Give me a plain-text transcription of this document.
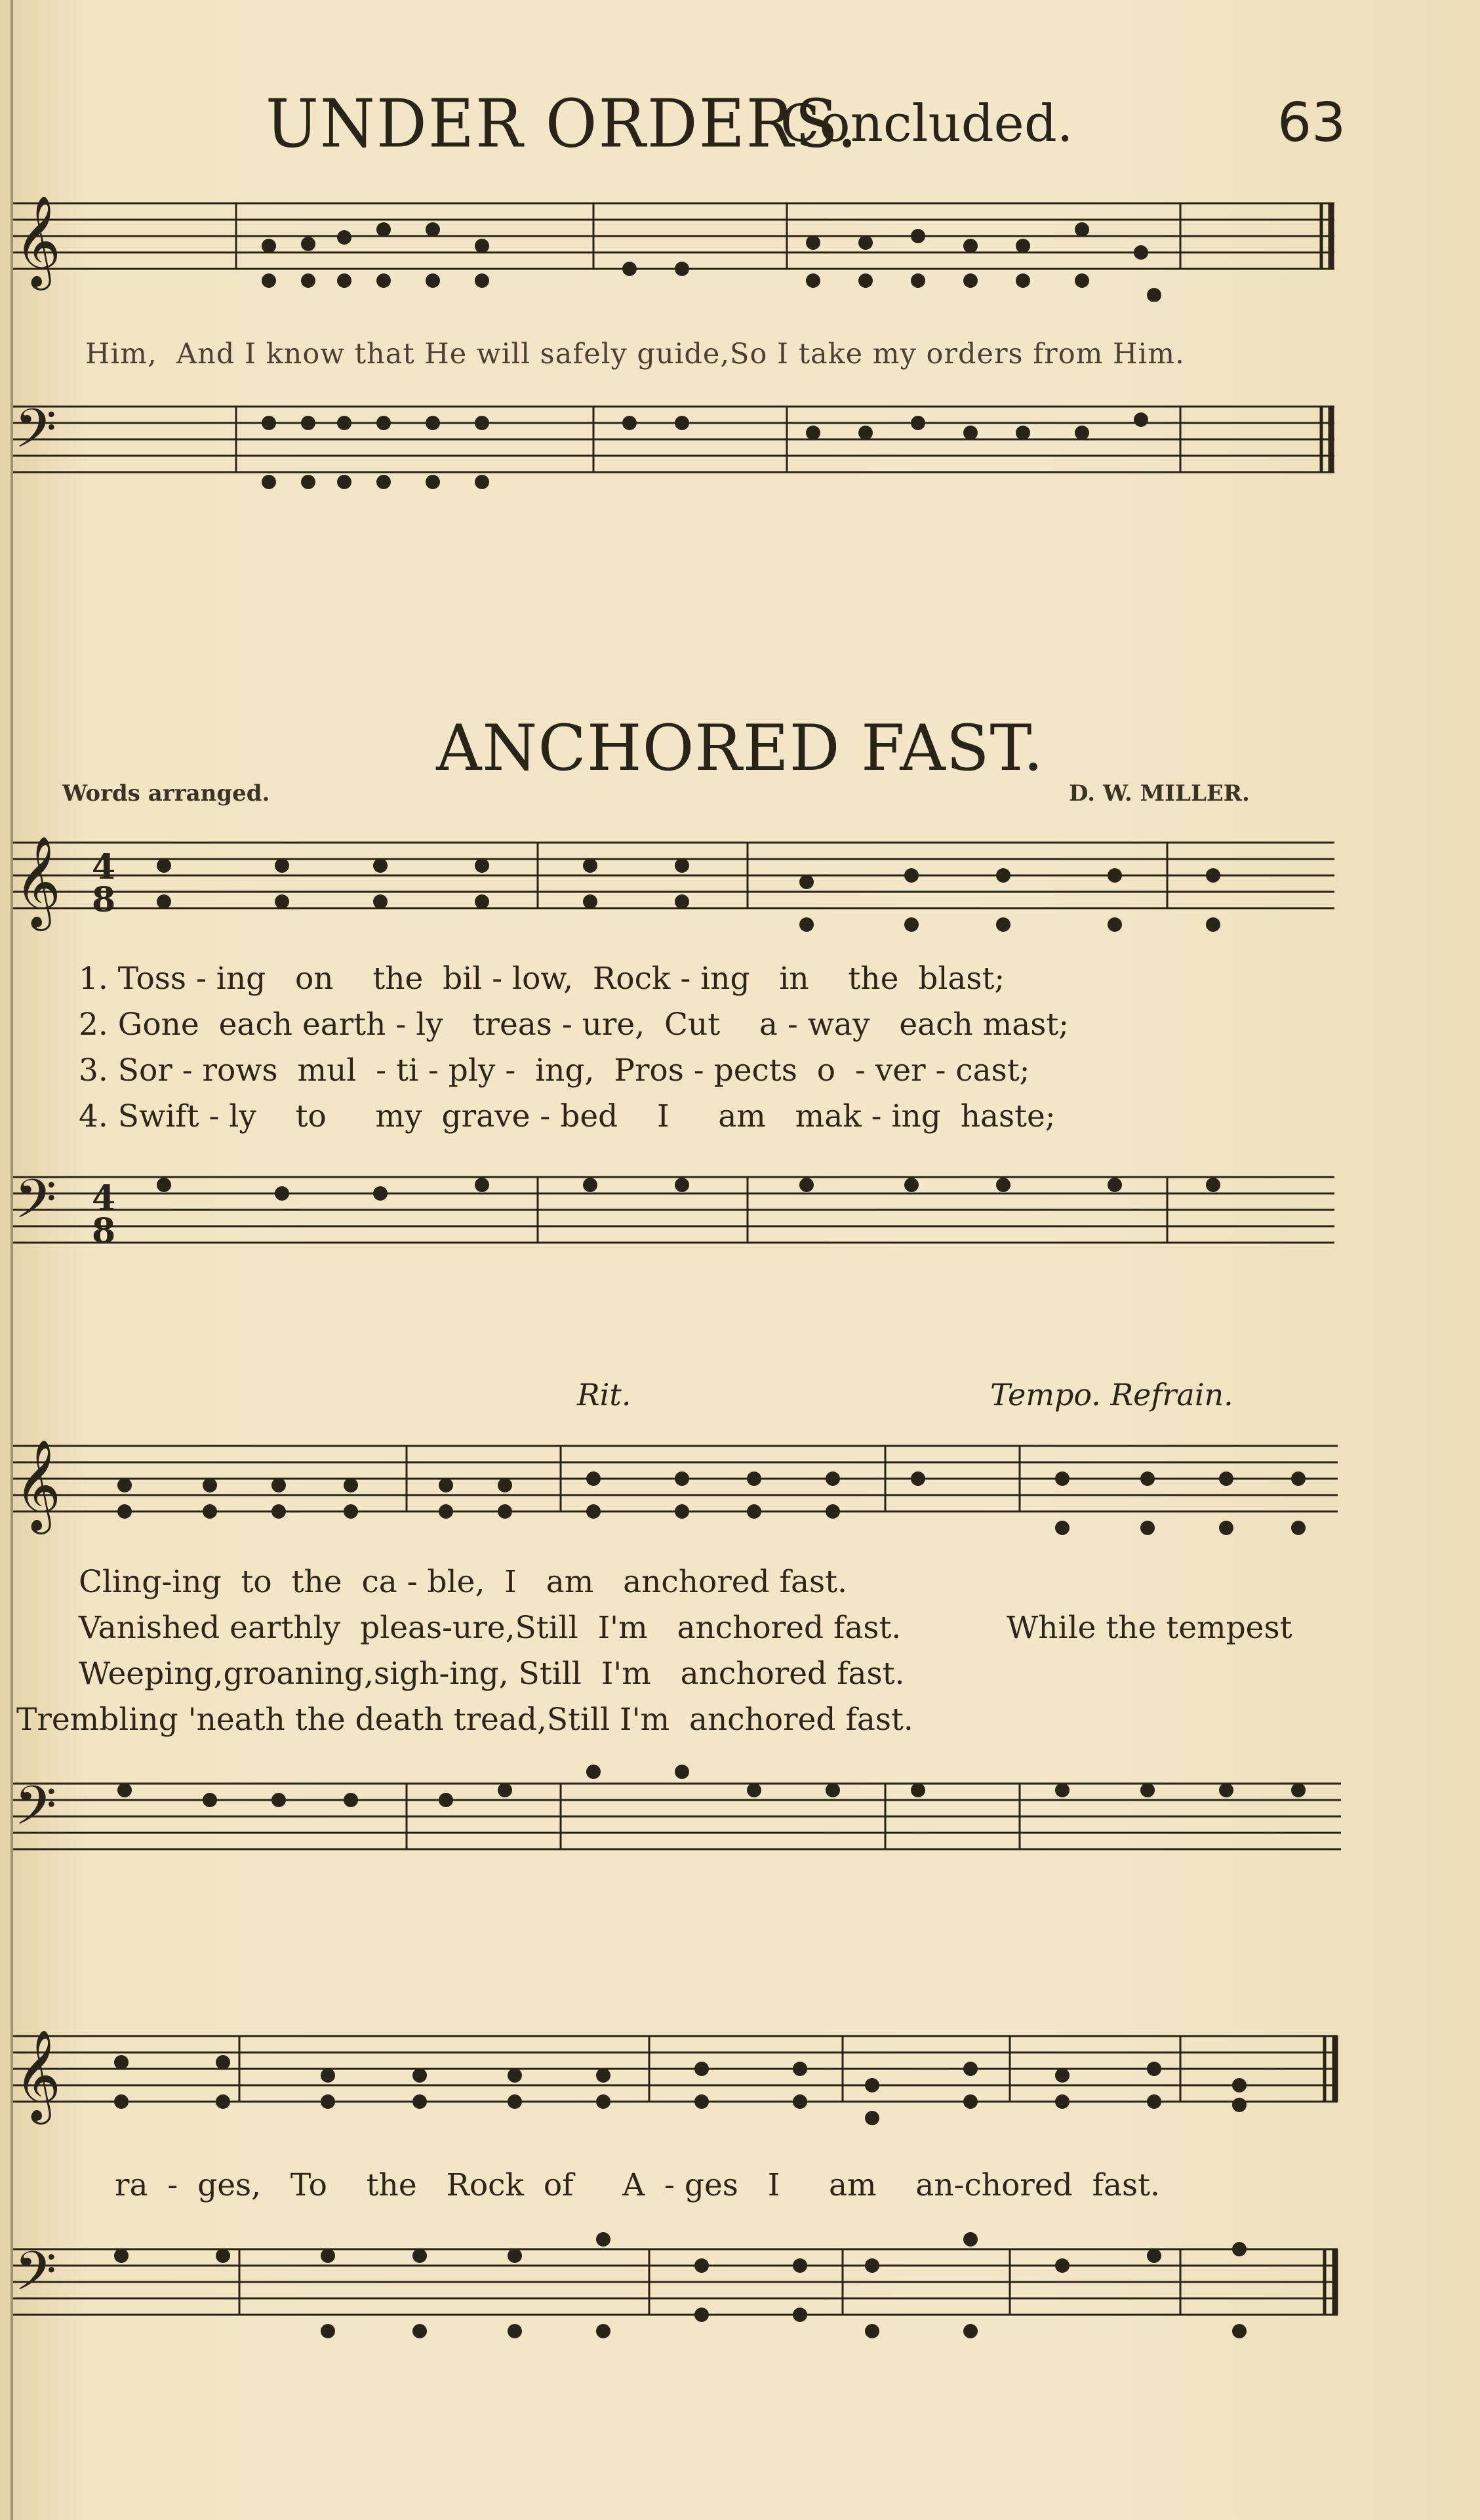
UNDER ORDERS.
Concluded.	63
𝄞
Him,  And I know that He will safely guide,So I take my orders from Him.
𝄢
ANCHORED FAST.
Words arranged.	D. W. MILLER.
𝄞 4
8
1. Toss - ing   on    the  bil - low,  Rock - ing   in    the  blast;
2. Gone  each earth - ly   treas - ure,  Cut    a - way   each mast;
3. Sor - rows  mul  - ti - ply -  ing,  Pros - pects  o  - ver - cast;
4. Swift - ly    to     my  grave - bed    I     am   mak - ing  haste;
𝄢 4
8
Rit.	Tempo. Refrain.
𝄞
Cling-ing  to  the  ca - ble,  I   am   anchored fast.
Vanished earthly  pleas-ure,Still  I'm   anchored fast.	While the tempest
Weeping,groaning,sigh-ing, Still  I'm   anchored fast.
Trembling 'neath the death tread,Still I'm  anchored fast.
𝄢
𝄞
ra  -  ges,   To    the   Rock  of     A  - ges   I     am    an-chored  fast.
𝄢
